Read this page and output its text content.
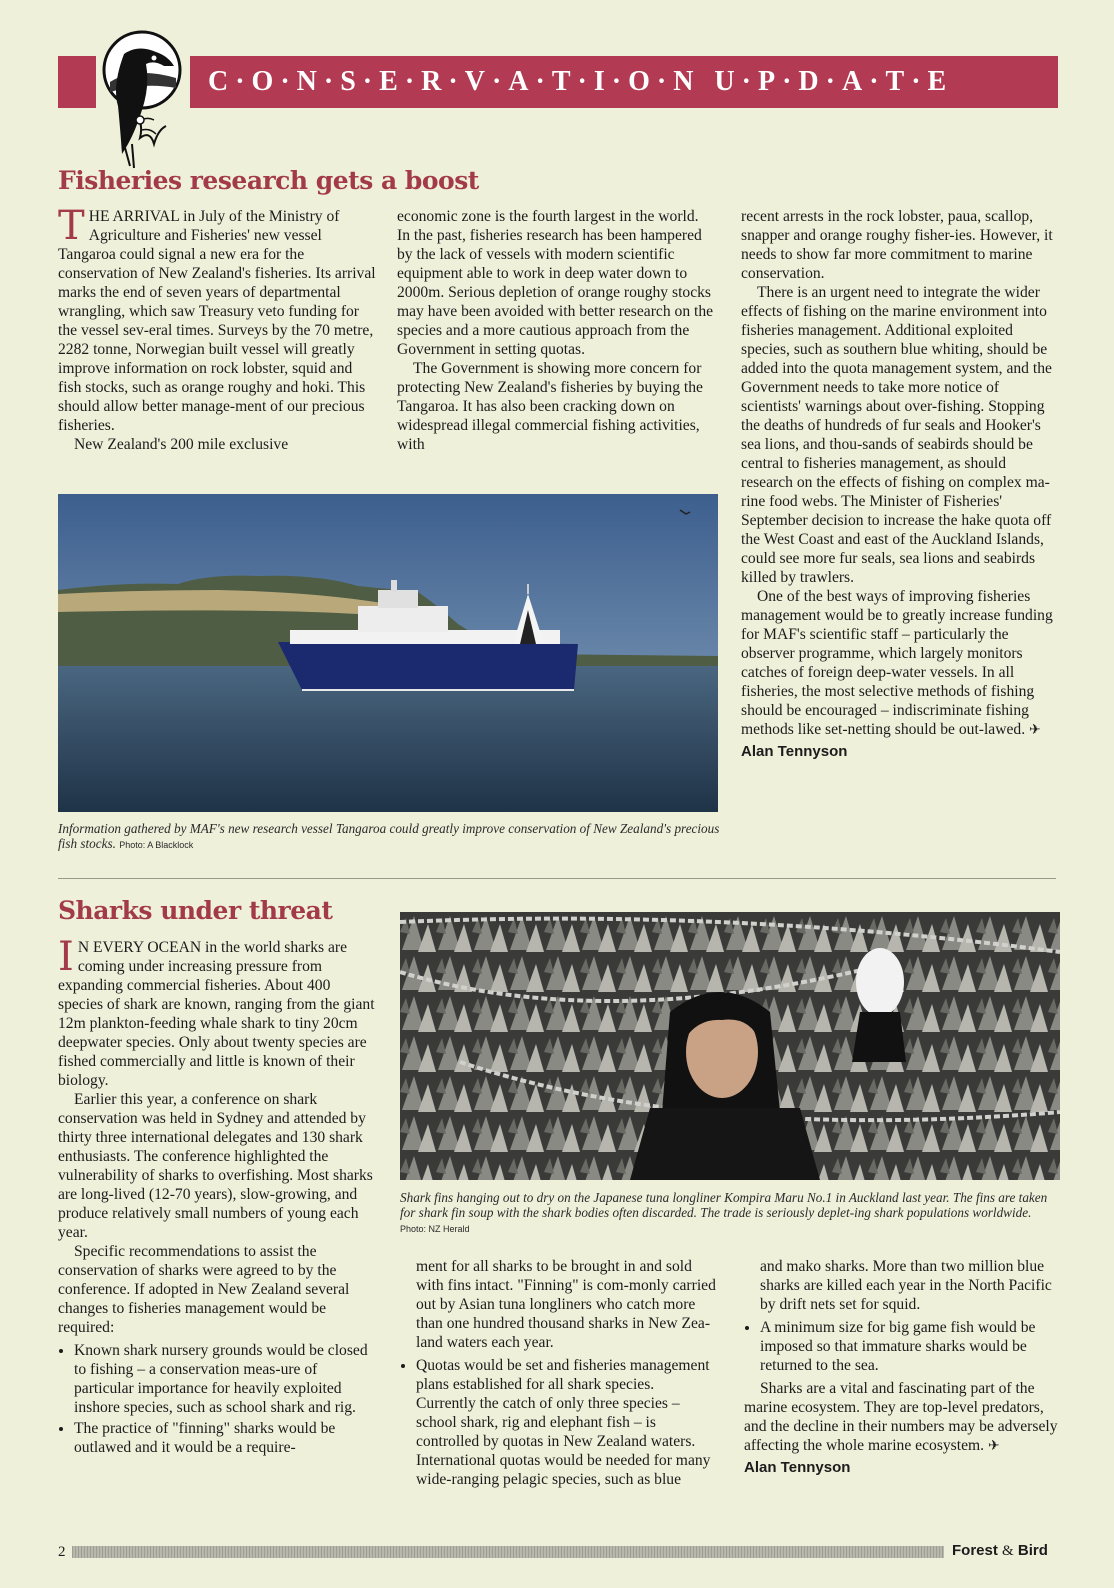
C·O·N·S·E·R·V·A·T·I·O·N U·P·D·A·T·E
Fisheries research gets a boost

THE ARRIVAL in July of the Ministry of Agriculture and Fisheries' new vessel Tangaroa could signal a new era for the conservation of New Zealand's fisheries. Its arrival marks the end of seven years of departmental wrangling, which saw Treasury veto funding for the vessel sev-eral times. Surveys by the 70 metre, 2282 tonne, Norwegian built vessel will greatly improve information on rock lobster, squid and fish stocks, such as orange roughy and hoki. This should allow better manage-ment of our precious fisheries.

New Zealand's 200 mile exclusive

economic zone is the fourth largest in the world. In the past, fisheries research has been hampered by the lack of vessels with modern scientific equipment able to work in deep water down to 2000m. Serious depletion of orange roughy stocks may have been avoided with better research on the species and a more cautious approach from the Government in setting quotas.

The Government is showing more concern for protecting New Zealand's fisheries by buying the Tangaroa. It has also been cracking down on widespread illegal commercial fishing activities, with

recent arrests in the rock lobster, paua, scallop, snapper and orange roughy fisher-ies. However, it needs to show far more commitment to marine conservation.

There is an urgent need to integrate the wider effects of fishing on the marine environment into fisheries management. Additional exploited species, such as southern blue whiting, should be added into the quota management system, and the Government needs to take more notice of scientists' warnings about over-fishing. Stopping the deaths of hundreds of fur seals and Hooker's sea lions, and thou-sands of seabirds should be central to fisheries management, as should research on the effects of fishing on complex ma-rine food webs. The Minister of Fisheries' September decision to increase the hake quota off the West Coast and east of the Auckland Islands, could see more fur seals, sea lions and seabirds killed by trawlers.

One of the best ways of improving fisheries management would be to greatly increase funding for MAF's scientific staff – particularly the observer programme, which largely monitors catches of foreign deep-water vessels. In all fisheries, the most selective methods of fishing should be encouraged – indiscriminate fishing methods like set-netting should be out-lawed. ✈

Alan Tennyson
Information gathered by MAF's new research vessel Tangaroa could greatly improve conservation of New Zealand's precious fish stocks. Photo: A Blacklock
Sharks under threat

I N EVERY OCEAN in the world sharks are coming under increasing pressure from expanding commercial fisheries. About 400 species of shark are known, ranging from the giant 12m plankton-feeding whale shark to tiny 20cm deepwater species. Only about twenty species are fished commercially and little is known of their biology.

Earlier this year, a conference on shark conservation was held in Sydney and attended by thirty three international delegates and 130 shark enthusiasts. The conference highlighted the vulnerability of sharks to overfishing. Most sharks are long-lived (12-70 years), slow-growing, and produce relatively small numbers of young each year.

Specific recommendations to assist the conservation of sharks were agreed to by the conference. If adopted in New Zealand several changes to fisheries management would be required:

• Known shark nursery grounds would be closed to fishing – a conservation meas-ure of particular importance for heavily exploited inshore species, such as school shark and rig.
• The practice of "finning" sharks would be outlawed and it would be a require-
Shark fins hanging out to dry on the Japanese tuna longliner Kompira Maru No.1 in Auckland last year. The fins are taken for shark fin soup with the shark bodies often discarded. The trade is seriously deplet-ing shark populations worldwide. Photo: NZ Herald

ment for all sharks to be brought in and sold with fins intact. "Finning" is com-monly carried out by Asian tuna longliners who catch more than one hundred thousand sharks in New Zea-land waters each year.

• Quotas would be set and fisheries management plans established for all shark species. Currently the catch of only three species – school shark, rig and elephant fish – is controlled by quotas in New Zealand waters. International quotas would be needed for many wide-ranging pelagic species, such as blue

and mako sharks. More than two million blue sharks are killed each year in the North Pacific by drift nets set for squid.

• A minimum size for big game fish would be imposed so that immature sharks would be returned to the sea.

Sharks are a vital and fascinating part of the marine ecosystem. They are top-level predators, and the decline in their numbers may be adversely affecting the whole marine ecosystem. ✈

Alan Tennyson
2	Forest & Bird
